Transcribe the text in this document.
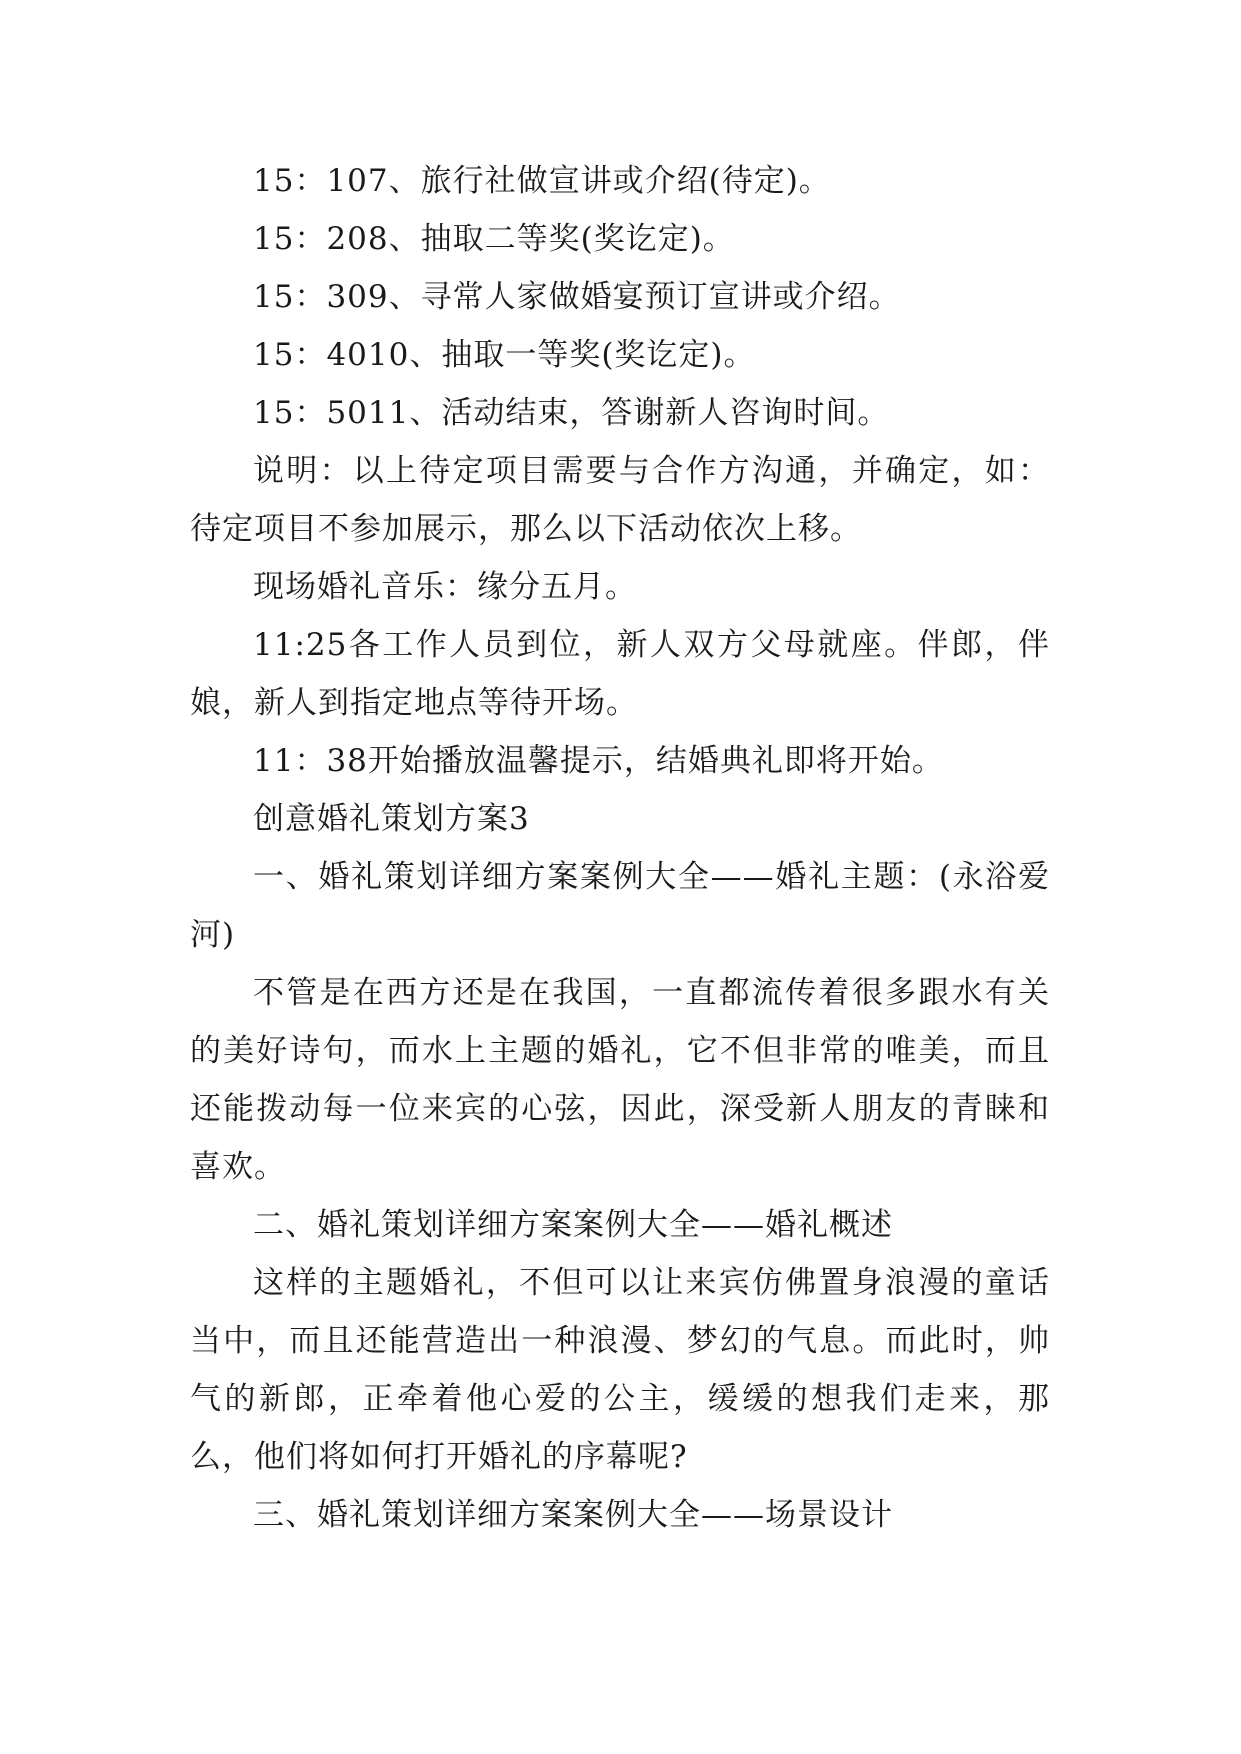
15：107、旅行社做宣讲或介绍(待定)。

15：208、抽取二等奖(奖讫定)。

15：309、寻常人家做婚宴预订宣讲或介绍。

15：4010、抽取一等奖(奖讫定)。

15：5011、活动结束，答谢新人咨询时间。

说明：以上待定项目需要与合作方沟通，并确定，如：待定项目不参加展示，那么以下活动依次上移。

现场婚礼音乐：缘分五月。

11:25各工作人员到位，新人双方父母就座。伴郎，伴娘，新人到指定地点等待开场。

11：38开始播放温馨提示，结婚典礼即将开始。

创意婚礼策划方案3

一、婚礼策划详细方案案例大全——婚礼主题：(永浴爱河)

不管是在西方还是在我国，一直都流传着很多跟水有关的美好诗句，而水上主题的婚礼，它不但非常的唯美，而且还能拨动每一位来宾的心弦，因此，深受新人朋友的青睐和喜欢。

二、婚礼策划详细方案案例大全——婚礼概述

这样的主题婚礼，不但可以让来宾仿佛置身浪漫的童话当中，而且还能营造出一种浪漫、梦幻的气息。而此时，帅气的新郎，正牵着他心爱的公主，缓缓的想我们走来，那么，他们将如何打开婚礼的序幕呢?

三、婚礼策划详细方案案例大全——场景设计
